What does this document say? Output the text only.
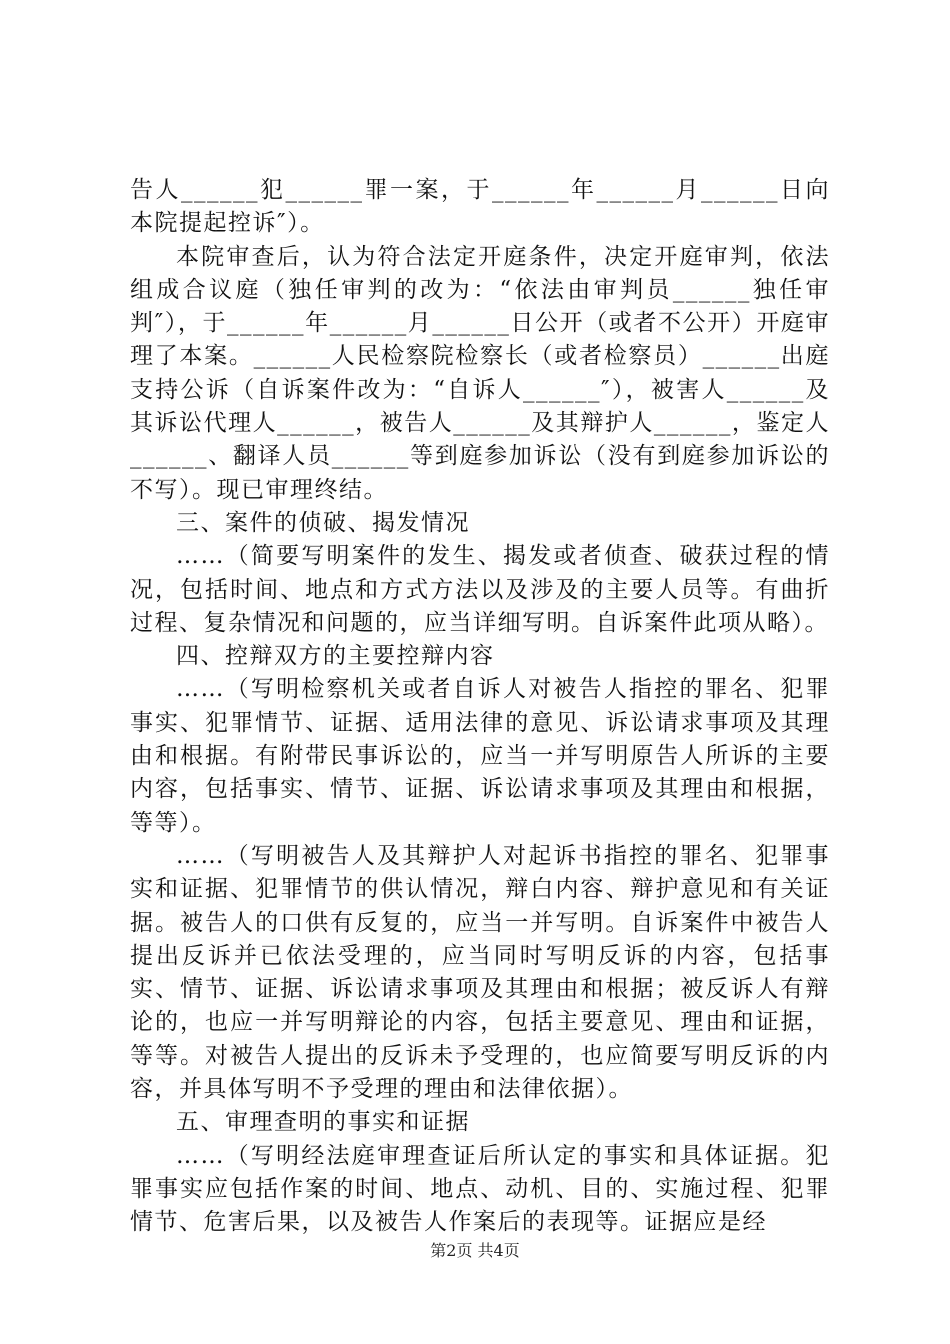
告人______犯______罪一案，于______年______月______日向本院提起控诉″）。

本院审查后，认为符合法定开庭条件，决定开庭审判，依法组成合议庭（独任审判的改为：“依法由审判员______独任审判″），于______年______月______日公开（或者不公开）开庭审理了本案。______人民检察院检察长（或者检察员）______出庭支持公诉（自诉案件改为：“自诉人______″），被害人______及其诉讼代理人______，被告人______及其辩护人______，鉴定人______、翻译人员______等到庭参加诉讼（没有到庭参加诉讼的不写）。现已审理终结。

三、案件的侦破、揭发情况

……（简要写明案件的发生、揭发或者侦查、破获过程的情况，包括时间、地点和方式方法以及涉及的主要人员等。有曲折过程、复杂情况和问题的，应当详细写明。自诉案件此项从略）。

四、控辩双方的主要控辩内容

……（写明检察机关或者自诉人对被告人指控的罪名、犯罪事实、犯罪情节、证据、适用法律的意见、诉讼请求事项及其理由和根据。有附带民事诉讼的，应当一并写明原告人所诉的主要内容，包括事实、情节、证据、诉讼请求事项及其理由和根据，等等）。

……（写明被告人及其辩护人对起诉书指控的罪名、犯罪事实和证据、犯罪情节的供认情况，辩白内容、辩护意见和有关证据。被告人的口供有反复的，应当一并写明。自诉案件中被告人提出反诉并已依法受理的，应当同时写明反诉的内容，包括事实、情节、证据、诉讼请求事项及其理由和根据；被反诉人有辩论的，也应一并写明辩论的内容，包括主要意见、理由和证据，等等。对被告人提出的反诉未予受理的，也应简要写明反诉的内容，并具体写明不予受理的理由和法律依据）。

五、审理查明的事实和证据

……（写明经法庭审理查证后所认定的事实和具体证据。犯罪事实应包括作案的时间、地点、动机、目的、实施过程、犯罪情节、危害后果，以及被告人作案后的表现等。证据应是经

第2页 共4页
